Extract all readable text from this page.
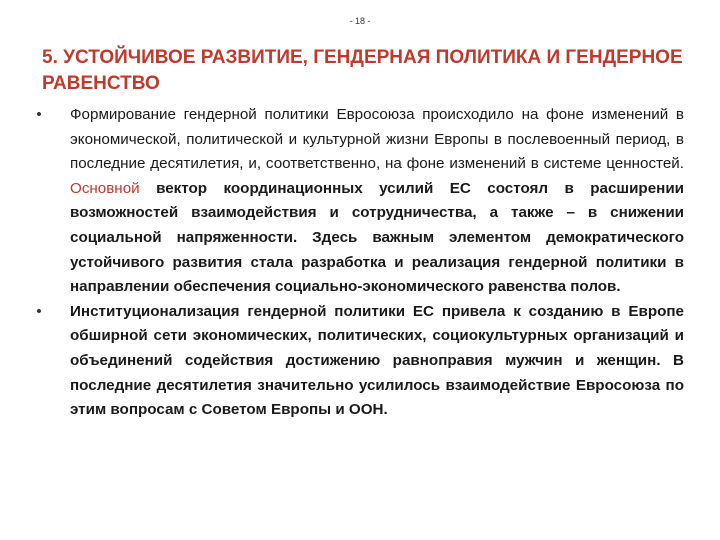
- 18 -
5. УСТОЙЧИВОЕ РАЗВИТИЕ, ГЕНДЕРНАЯ ПОЛИТИКА И ГЕНДЕРНОЕ РАВЕНСТВО
• Формирование гендерной политики Евросоюза происходило на фоне изменений в экономической, политической и культурной жизни Европы в послевоенный период, в последние десятилетия, и, соответственно, на фоне изменений в системе ценностей. Основной вектор координационных усилий ЕС состоял в расширении возможностей взаимодействия и сотрудничества, а также – в снижении социальной напряженности. Здесь важным элементом демократического устойчивого развития стала разработка и реализация гендерной политики в направлении обеспечения социально-экономического равенства полов.
• Институционализация гендерной политики ЕС привела к созданию в Европе обширной сети экономических, политических, социокультурных организаций и объединений содействия достижению равноправия мужчин и женщин. В последние десятилетия значительно усилилось взаимодействие Евросоюза по этим вопросам с Советом Европы и ООН.
